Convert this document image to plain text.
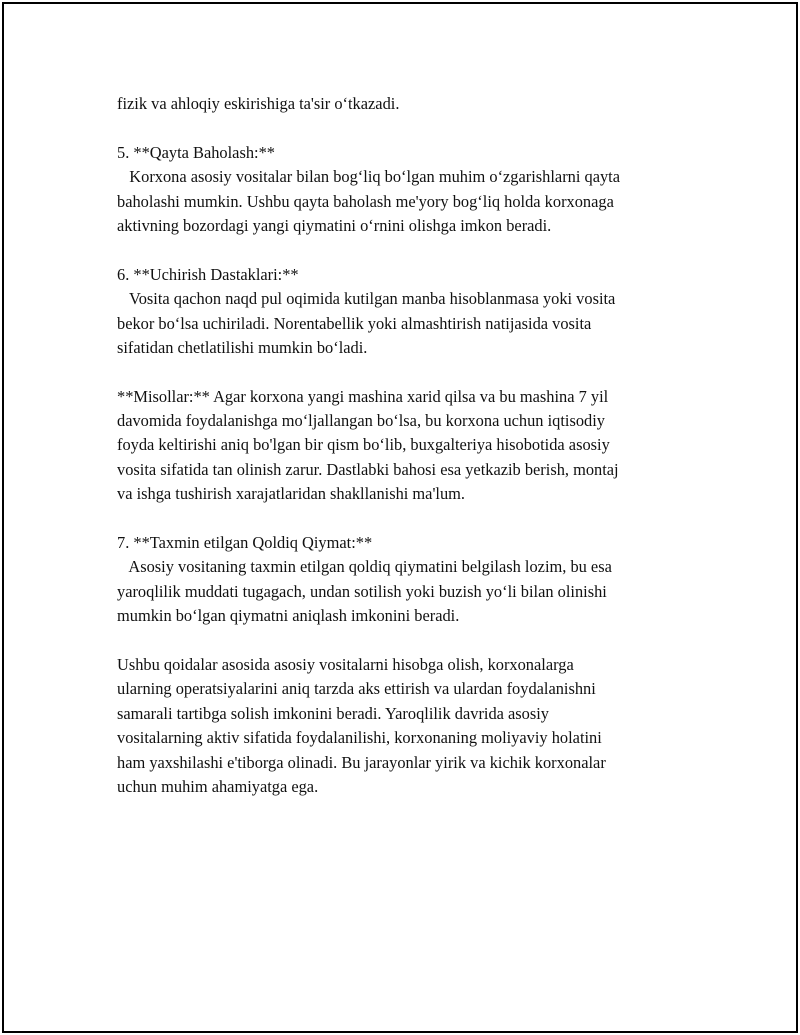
fizik va ahloqiy eskirishiga ta'sir o‘tkazadi.
5. **Qayta Baholash:**
Korxona asosiy vositalar bilan bog‘liq bo‘lgan muhim o‘zgarishlarni qayta
baholashi mumkin. Ushbu qayta baholash me'yory bog‘liq holda korxonaga
aktivning bozordagi yangi qiymatini o‘rnini olishga imkon beradi.
6. **Uchirish Dastaklari:**
Vosita qachon naqd pul oqimida kutilgan manba hisoblanmasa yoki vosita
bekor bo‘lsa uchiriladi. Norentabellik yoki almashtirish natijasida vosita
sifatidan chetlatilishi mumkin bo‘ladi.
**Misollar:** Agar korxona yangi mashina xarid qilsa va bu mashina 7 yil
davomida foydalanishga mo‘ljallangan bo‘lsa, bu korxona uchun iqtisodiy
foyda keltirishi aniq bo'lgan bir qism bo‘lib, buxgalteriya hisobotida asosiy
vosita sifatida tan olinish zarur. Dastlabki bahosi esa yetkazib berish, montaj
va ishga tushirish xarajatlaridan shakllanishi ma'lum.
7. **Taxmin etilgan Qoldiq Qiymat:**
Asosiy vositaning taxmin etilgan qoldiq qiymatini belgilash lozim, bu esa
yaroqlilik muddati tugagach, undan sotilish yoki buzish yo‘li bilan olinishi
mumkin bo‘lgan qiymatni aniqlash imkonini beradi.
Ushbu qoidalar asosida asosiy vositalarni hisobga olish, korxonalarga
ularning operatsiyalarini aniq tarzda aks ettirish va ulardan foydalanishni
samarali tartibga solish imkonini beradi. Yaroqlilik davrida asosiy
vositalarning aktiv sifatida foydalanilishi, korxonaning moliyaviy holatini
ham yaxshilashi e'tiborga olinadi. Bu jarayonlar yirik va kichik korxonalar
uchun muhim ahamiyatga ega.
